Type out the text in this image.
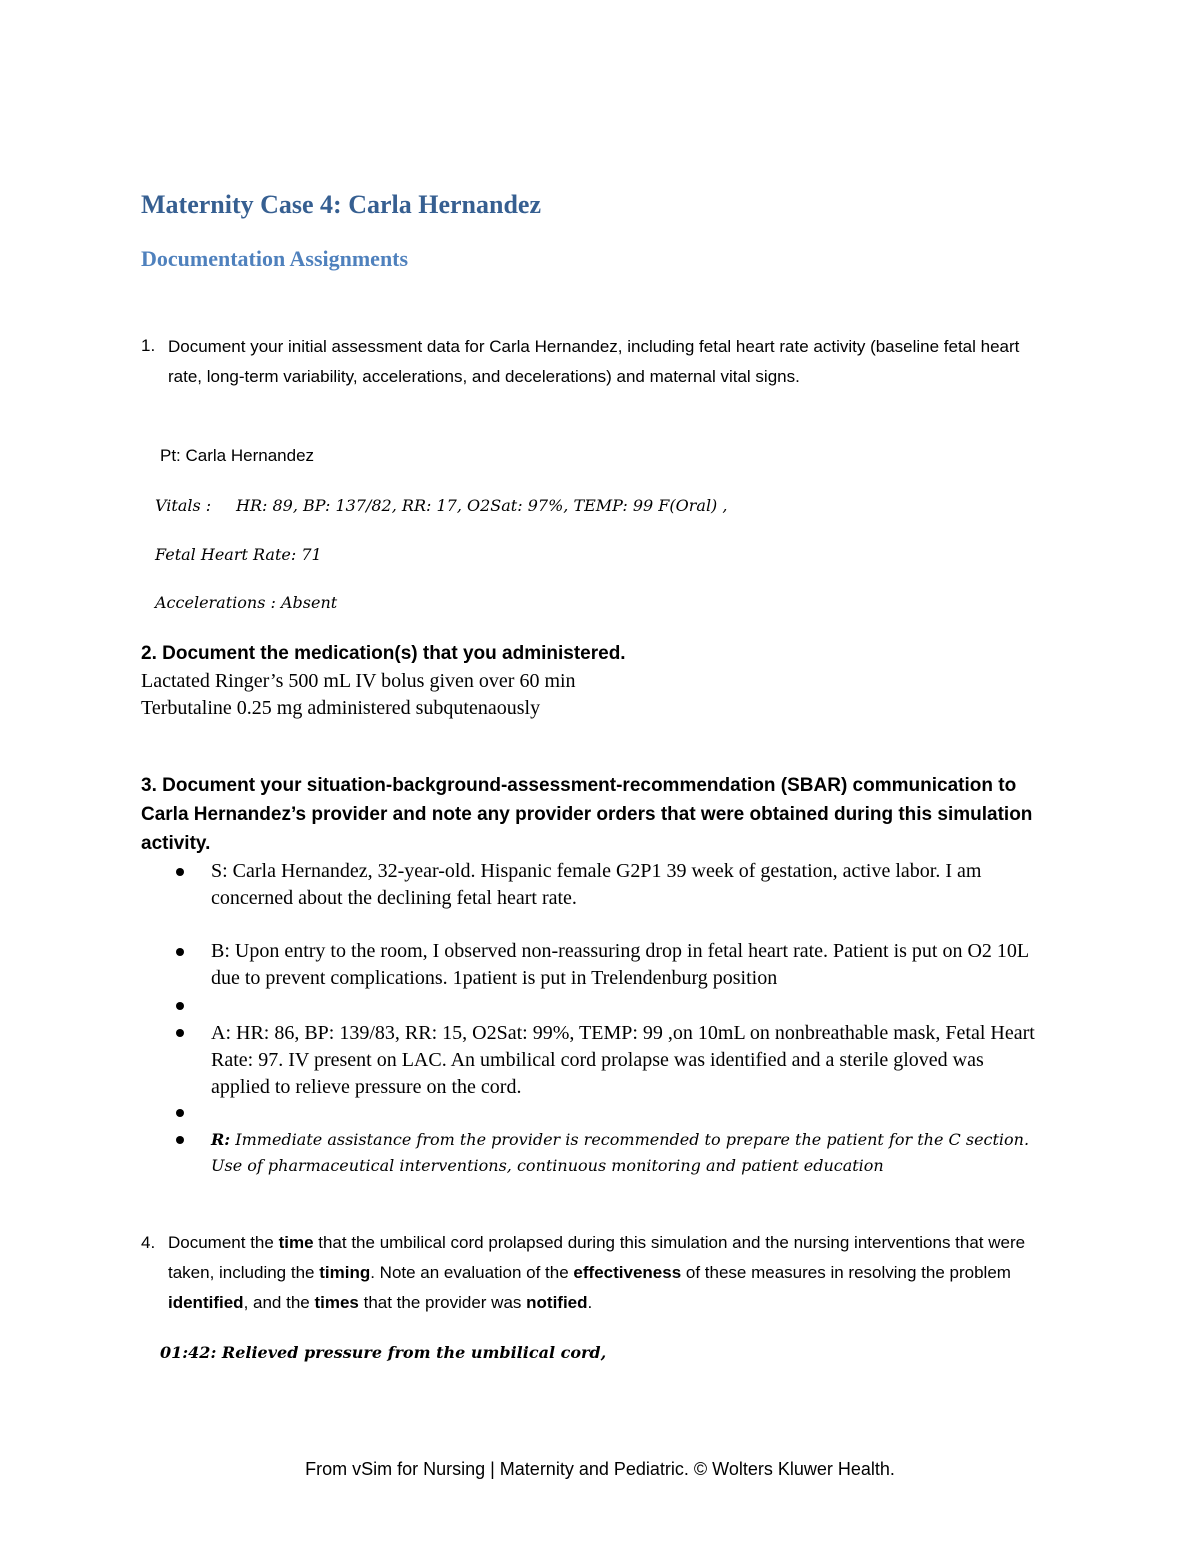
Maternity Case 4: Carla Hernandez
Documentation Assignments
1. Document your initial assessment data for Carla Hernandez, including fetal heart rate activity (baseline fetal heart rate, long-term variability, accelerations, and decelerations) and maternal vital signs.

Pt: Carla Hernandez
Vitals : HR: 89, BP: 137/82, RR: 17, O2Sat: 97%, TEMP: 99 F(Oral) ,
Fetal Heart Rate: 71
Accelerations : Absent
2. Document the medication(s) that you administered.
Lactated Ringer’s 500 mL IV bolus given over 60 min
Terbutaline 0.25 mg administered subqutenaously

3. Document your situation-background-assessment-recommendation (SBAR) communication to Carla Hernandez’s provider and note any provider orders that were obtained during this simulation activity.

S: Carla Hernandez, 32-year-old. Hispanic female G2P1 39 week of gestation, active labor. I am concerned about the declining fetal heart rate.

B: Upon entry to the room, I observed non-reassuring drop in fetal heart rate. Patient is put on O2 10L due to prevent complications. 1patient is put in Trelendenburg position

A: HR: 86, BP: 139/83, RR: 15, O2Sat: 99%, TEMP: 99 ,on 10mL on nonbreathable mask, Fetal Heart Rate: 97. IV present on LAC. An umbilical cord prolapse was identified and a sterile gloved was applied to relieve pressure on the cord.

R: Immediate assistance from the provider is recommended to prepare the patient for the C section. Use of pharmaceutical interventions, continuous monitoring and patient education

4. Document the time that the umbilical cord prolapsed during this simulation and the nursing interventions that were taken, including the timing. Note an evaluation of the effectiveness of these measures in resolving the problem identified, and the times that the provider was notified.

01:42: Relieved pressure from the umbilical cord,

From vSim for Nursing | Maternity and Pediatric. © Wolters Kluwer Health.
